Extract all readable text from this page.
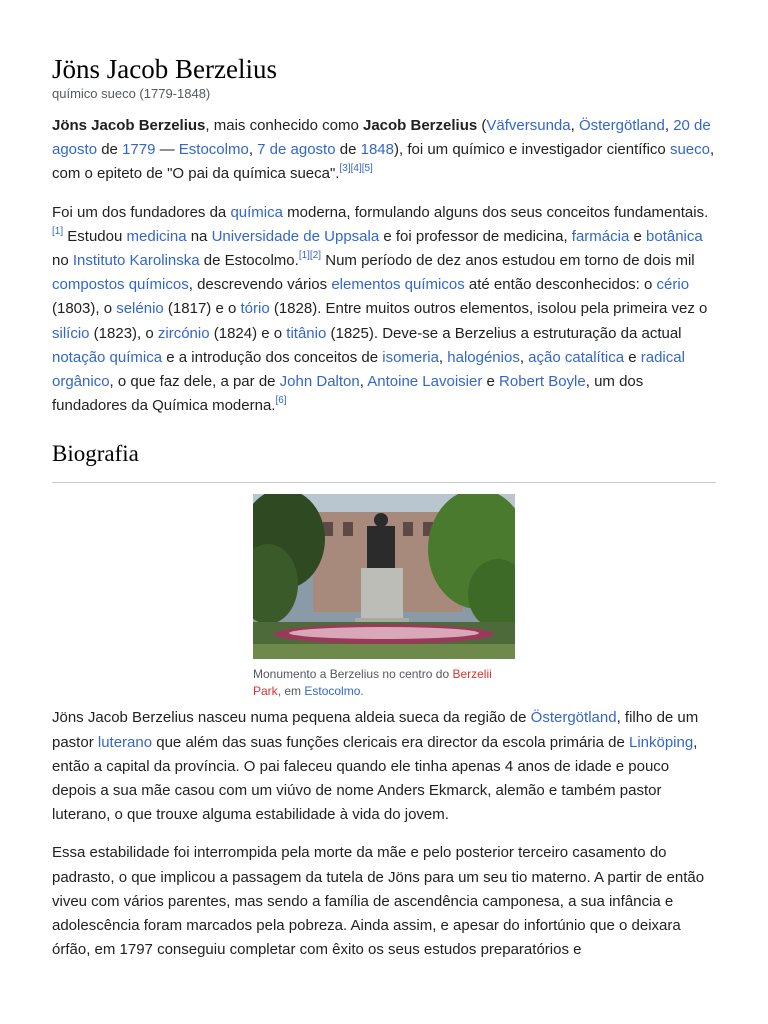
Jöns Jacob Berzelius
químico sueco (1779-1848)

Jöns Jacob Berzelius, mais conhecido como Jacob Berzelius (Väfversunda, Östergötland, 20 de agosto de 1779 — Estocolmo, 7 de agosto de 1848), foi um químico e investigador científico sueco, com o epiteto de "O pai da química sueca".[3][4][5]

Foi um dos fundadores da química moderna, formulando alguns dos seus conceitos fundamentais.[1] Estudou medicina na Universidade de Uppsala e foi professor de medicina, farmácia e botânica no Instituto Karolinska de Estocolmo.[1][2] Num período de dez anos estudou em torno de dois mil compostos químicos, descrevendo vários elementos químicos até então desconhecidos: o cério (1803), o selénio (1817) e o tório (1828). Entre muitos outros elementos, isolou pela primeira vez o silício (1823), o zircónio (1824) e o titânio (1825). Deve-se a Berzelius a estruturação da actual notação química e a introdução dos conceitos de isomeria, halogénios, ação catalítica e radical orgânico, o que faz dele, a par de John Dalton, Antoine Lavoisier e Robert Boyle, um dos fundadores da Química moderna.[6]

Biografia
Monumento a Berzelius no centro do Berzelii Park, em Estocolmo.

Jöns Jacob Berzelius nasceu numa pequena aldeia sueca da região de Östergötland, filho de um pastor luterano que além das suas funções clericais era director da escola primária de Linköping, então a capital da província. O pai faleceu quando ele tinha apenas 4 anos de idade e pouco depois a sua mãe casou com um viúvo de nome Anders Ekmarck, alemão e também pastor luterano, o que trouxe alguma estabilidade à vida do jovem.

Essa estabilidade foi interrompida pela morte da mãe e pelo posterior terceiro casamento do padrasto, o que implicou a passagem da tutela de Jöns para um seu tio materno. A partir de então viveu com vários parentes, mas sendo a família de ascendência camponesa, a sua infância e adolescência foram marcados pela pobreza. Ainda assim, e apesar do infortúnio que o deixara órfão, em 1797 conseguiu completar com êxito os seus estudos preparatórios e
